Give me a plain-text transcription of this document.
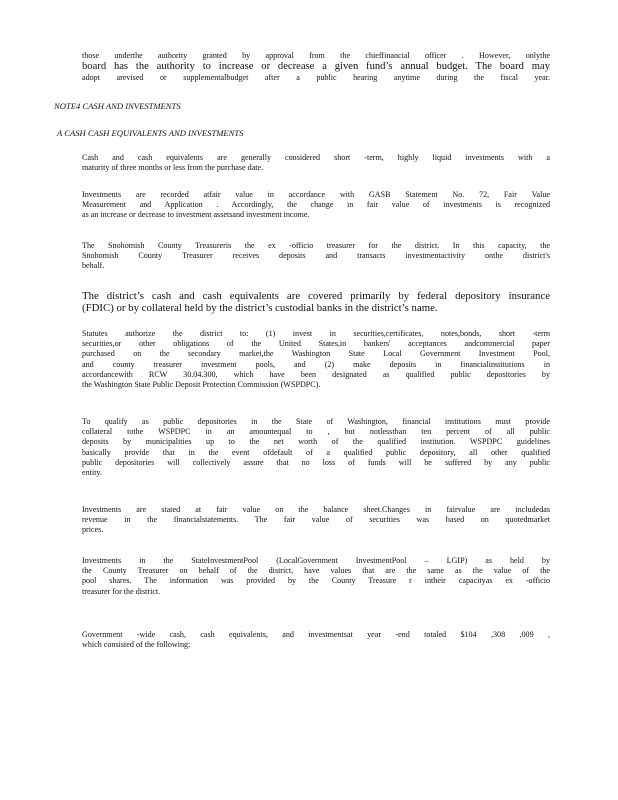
those underthe authority granted by approval from the chieffinancial officer . However, onlythe
board has the authority to increase or decrease a given fund’s annual budget. The board may
adopt arevised or supplementalbudget after a public hearing anytime during the fiscal year.
NOTE4 CASH AND INVESTMENTS
A CASH CASH EQUIVALENTS AND INVESTMENTS
Cash and cash equivalents are generally considered short -term, highly liquid investments with a
maturity of three months or less from the purchase date.
Investments are recorded atfair value in accordance with GASB Statement No. 72, Fair Value
Measurement and Application . Accordingly, the change in fair value of investments is recognized
as an increase or decrease to investment assetsand investment income.
The Snohomish County Treasureris the ex -officio treasurer for the district. In this capacity, the
Snohomish County Treasurer receives deposits and transacts investmentactivity onthe district's
behalf.
The district’s cash and cash equivalents are covered primarily by federal depository insurance
(FDIC) or by collateral held by the district’s custodial banks in the district’s name.
Statutes authorize the district to: (1) invest in securities,certificates, notes,bonds, short -term
securities,or other obligations of the United States,in bankers' acceptances andcommercial paper
purchased on the secondary market,the Washington State Local Government Investment Pool,
and county treasurer investment pools, and (2) make deposits in financialinstitutions in
accordancewith RCW 30.04.300, which have been designated as qualified public depositories by
the Washington State Public Deposit Protection Commission (WSPDPC).
To qualify as public depositories in the State of Washington, financial institutions must provide
collateral tothe WSPDPC in an amountequal to , but notlessthan ten percent of all public
deposits by municipalities up to the net worth of the qualified institution. WSPDPC guidelines
basically provide that in the event ofdefault of a qualified public depository, all other qualified
public depositories will collectively assure that no loss of funds will be suffered by any public
entity.
Investments are stated at fair value on the balance sheet.Changes in fairvalue are includedas
revenue in the financialstatements. The fair value of securities was based on quotedmarket
prices.
Investments in the StateInvestmentPool (LocalGovernment InvestmentPool – LGIP) as held by
the County Treasurer on behalf of the district, have values that are the same as the value of the
pool shares. The information was provided by the County Treasure r intheir capacityas ex -officio
treasurer for the district.
Government -wide cash, cash equivalents, and investmentsat year -end totaled $104 ,308 ,009 ,
which consisted of the following:
